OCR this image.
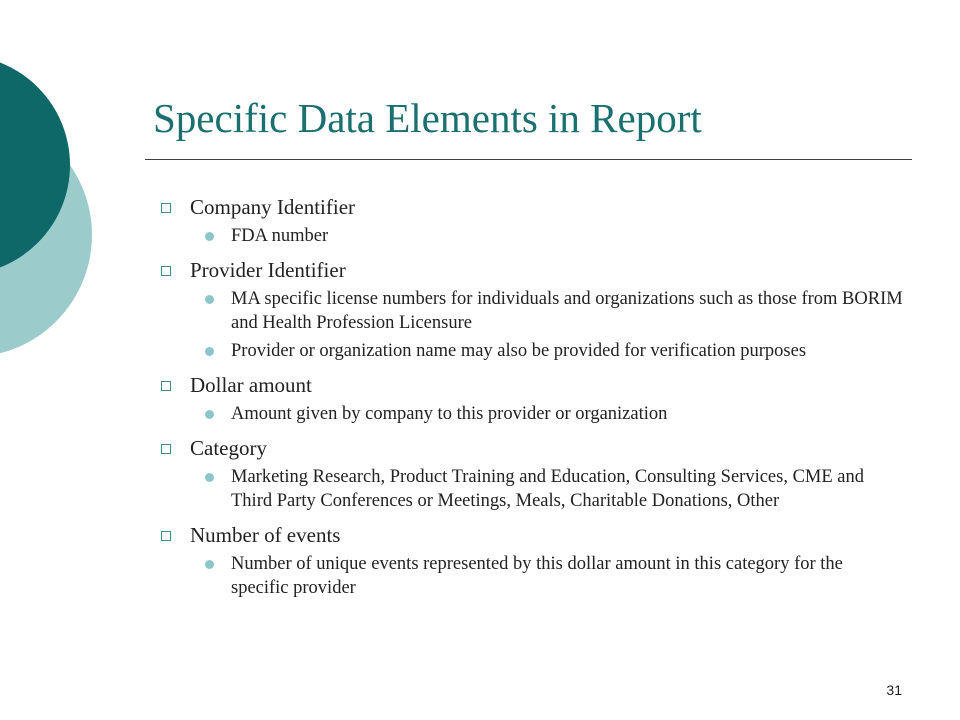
Specific Data Elements in Report
Company Identifier
FDA number
Provider Identifier
MA specific license numbers for individuals and organizations such as those from BORIM and Health Profession Licensure
Provider or organization name may also be provided for verification purposes
Dollar amount
Amount given by company to this provider or organization
Category
Marketing Research, Product Training and Education, Consulting Services, CME and Third Party Conferences or Meetings, Meals, Charitable Donations, Other
Number of events
Number of unique events represented by this dollar amount in this category for the specific provider
31
